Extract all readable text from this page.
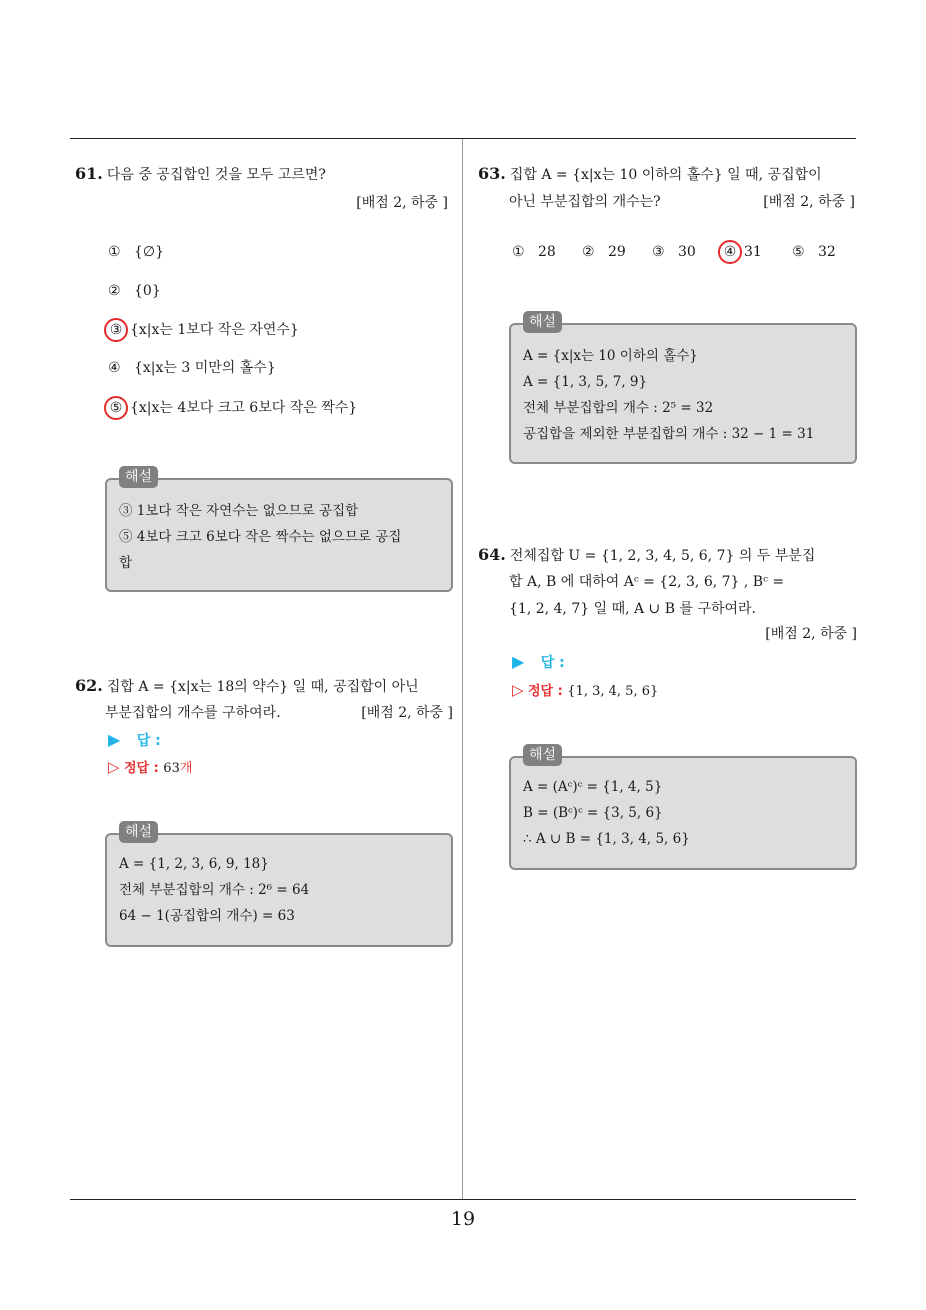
19
61. 다음 중 공집합인 것을 모두 고르면?
[배점 2, 하중 ]
① {∅}
② {0}
③ {x|x는 1보다 작은 자연수}
④ {x|x는 3 미만의 홀수}
⑤ {x|x는 4보다 크고 6보다 작은 짝수}
③ 1보다 작은 자연수는 없으므로 공집합
⑤ 4보다 크고 6보다 작은 짝수는 없으므로 공집
합
해설
62. 집합 A = {x|x는 18의 약수} 일 때, 공집합이 아닌
부분집합의 개수를 구하여라.	[배점 2, 하중 ]
▶ 답 :
▷ 정답 : 63개
A = {1, 2, 3, 6, 9, 18}
전체 부분집합의 개수 : 2⁶ = 64
64 − 1(공집합의 개수) = 63
해설
63. 집합 A = {x|x는 10 이하의 홀수} 일 때, 공집합이
아닌 부분집합의 개수는?	[배점 2, 하중 ]
① 28 ② 29 ③ 30 ④ 31 ⑤ 32
A = {x|x는 10 이하의 홀수}
A = {1, 3, 5, 7, 9}
전체 부분집합의 개수 : 2⁵ = 32
공집합을 제외한 부분집합의 개수 : 32 − 1 = 31
해설
64. 전체집합 U = {1, 2, 3, 4, 5, 6, 7} 의 두 부분집
합 A, B 에 대하여 Aᶜ = {2, 3, 6, 7} , Bᶜ =
{1, 2, 4, 7} 일 때, A ∪ B 를 구하여라.
[배점 2, 하중 ]
▶ 답 :
▷ 정답 : {1, 3, 4, 5, 6}
A = (Aᶜ)ᶜ = {1, 4, 5}
B = (Bᶜ)ᶜ = {3, 5, 6}
∴ A ∪ B = {1, 3, 4, 5, 6}
해설
